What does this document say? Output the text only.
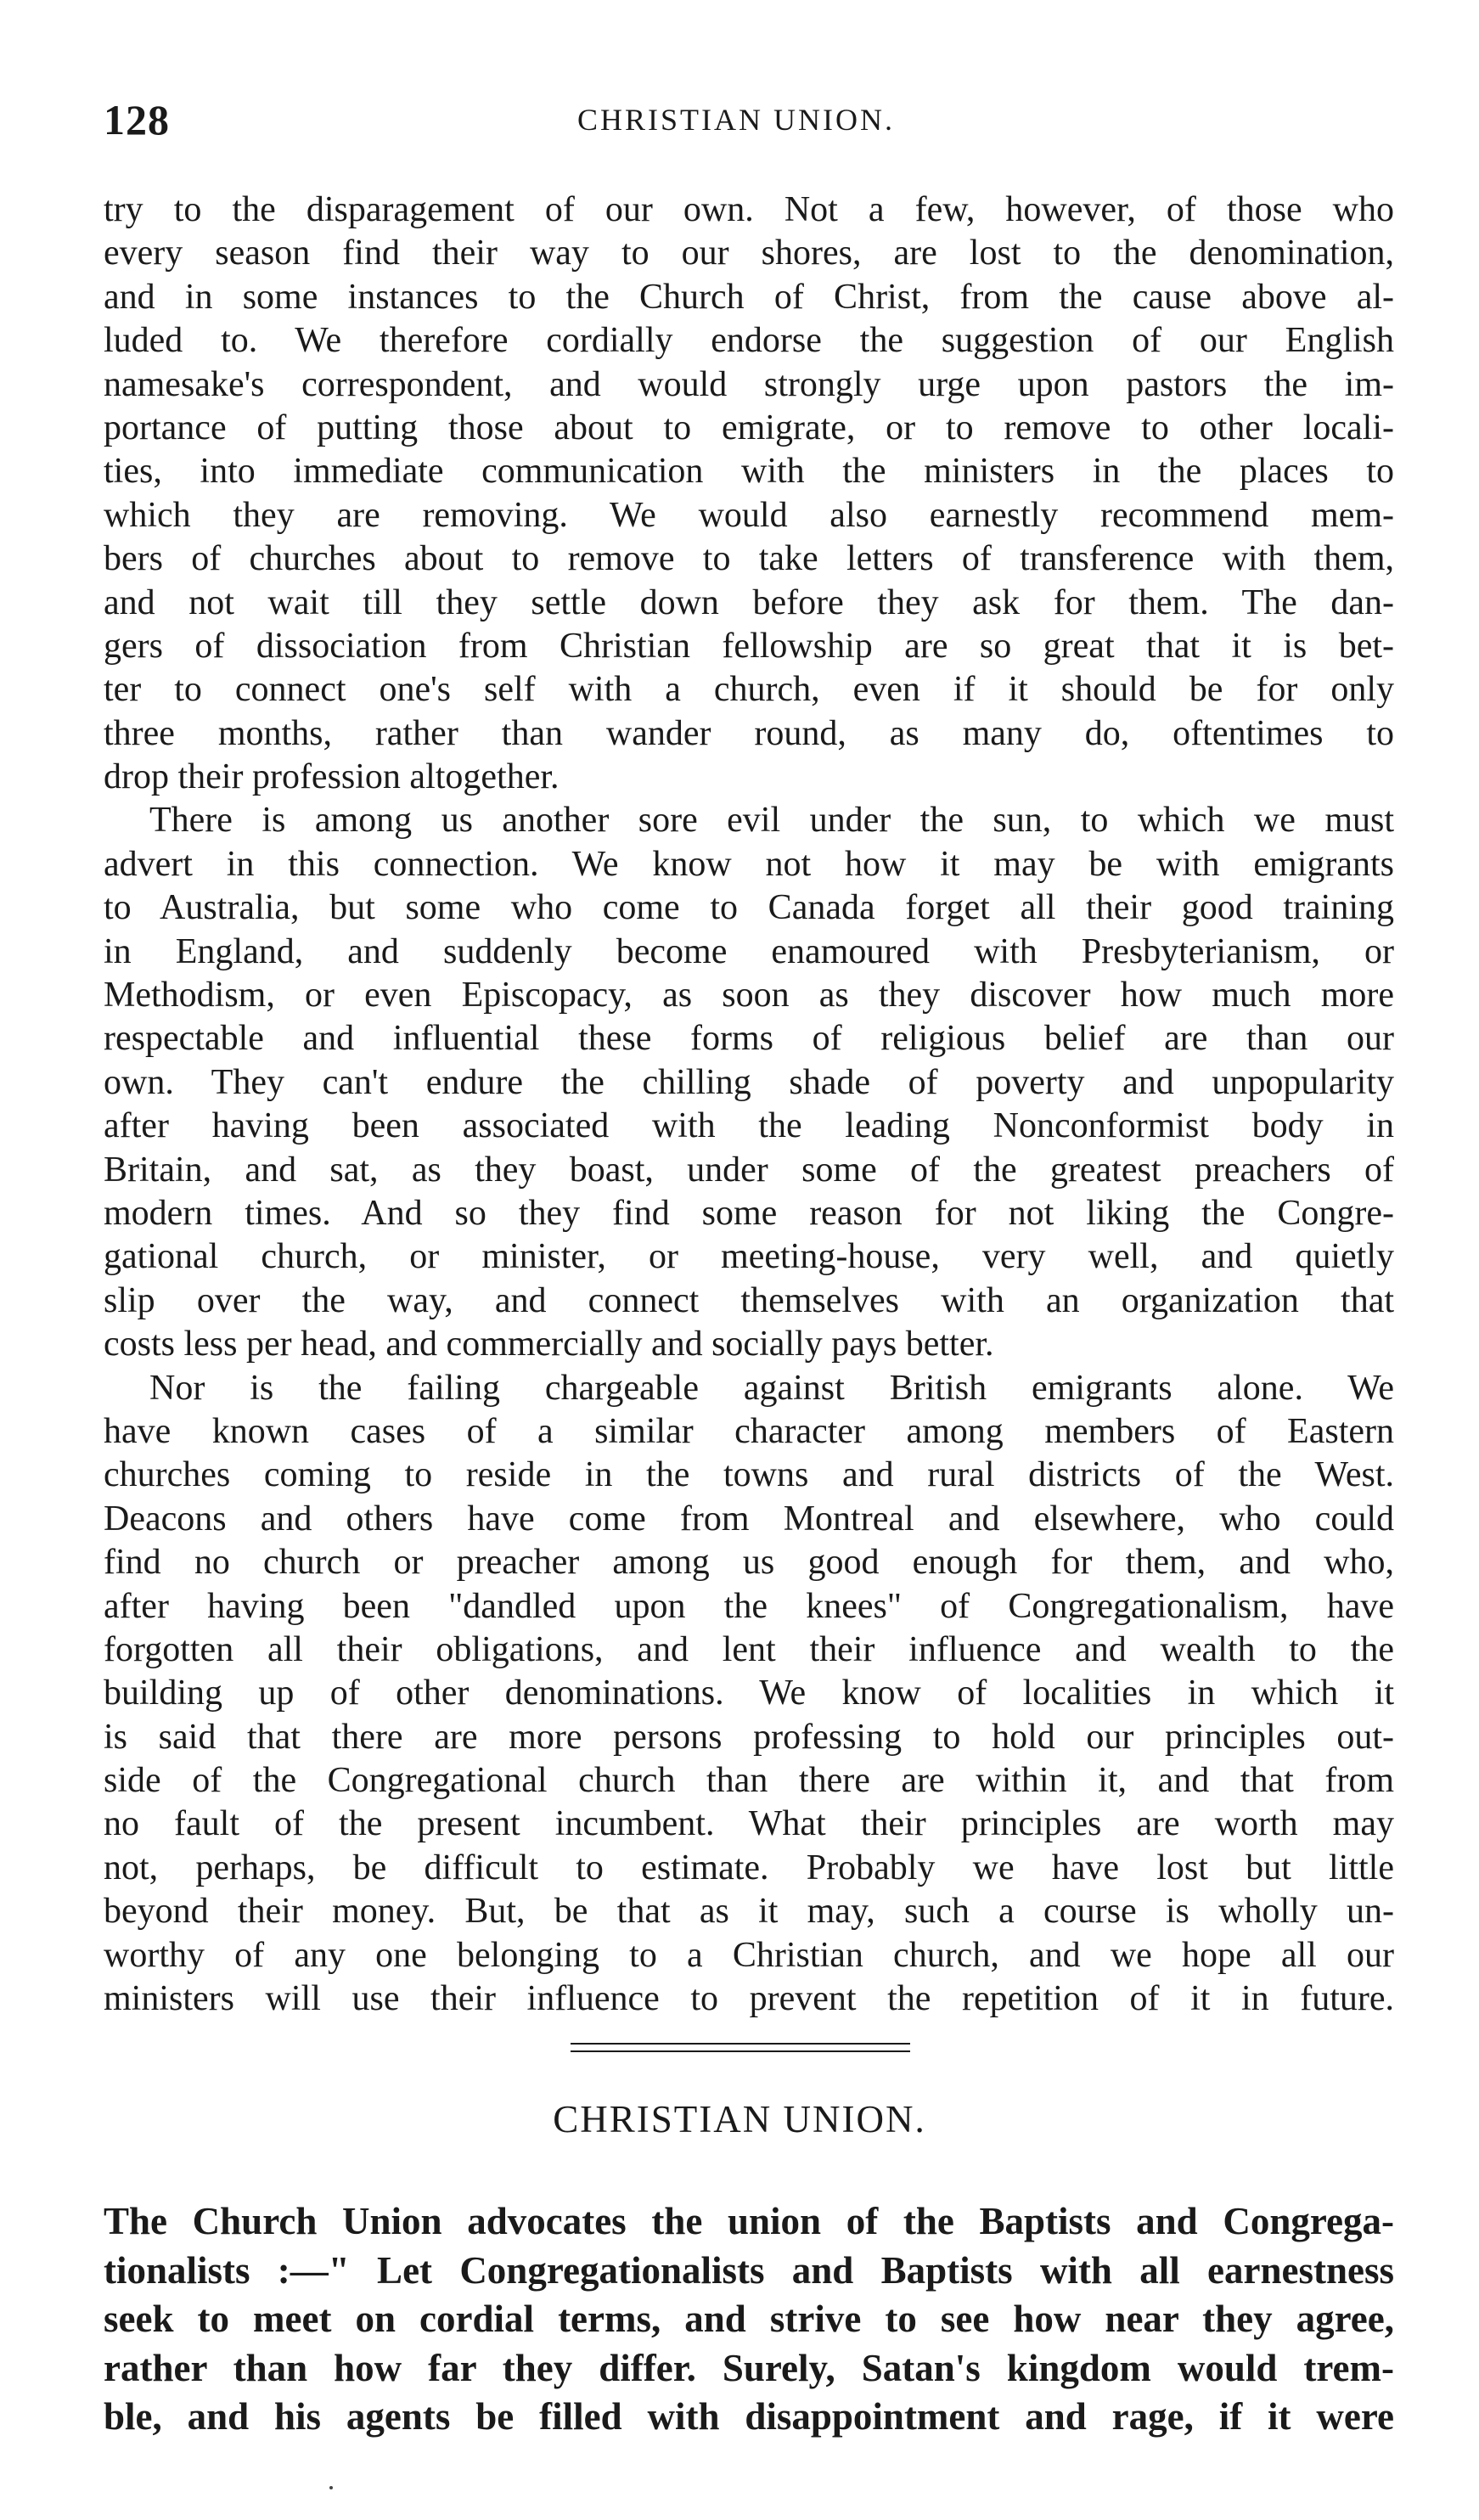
128	CHRISTIAN UNION.
try to the disparagement of our own. Not a few, however, of those who
every season find their way to our shores, are lost to the denomination,
and in some instances to the Church of Christ, from the cause above al-
luded to. We therefore cordially endorse the suggestion of our English
namesake's correspondent, and would strongly urge upon pastors the im-
portance of putting those about to emigrate, or to remove to other locali-
ties, into immediate communication with the ministers in the places to
which they are removing. We would also earnestly recommend mem-
bers of churches about to remove to take letters of transference with them,
and not wait till they settle down before they ask for them. The dan-
gers of dissociation from Christian fellowship are so great that it is bet-
ter to connect one's self with a church, even if it should be for only
three months, rather than wander round, as many do, oftentimes to
drop their profession altogether.
There is among us another sore evil under the sun, to which we must
advert in this connection. We know not how it may be with emigrants
to Australia, but some who come to Canada forget all their good training
in England, and suddenly become enamoured with Presbyterianism, or
Methodism, or even Episcopacy, as soon as they discover how much more
respectable and influential these forms of religious belief are than our
own. They can't endure the chilling shade of poverty and unpopularity
after having been associated with the leading Nonconformist body in
Britain, and sat, as they boast, under some of the greatest preachers of
modern times. And so they find some reason for not liking the Congre-
gational church, or minister, or meeting-house, very well, and quietly
slip over the way, and connect themselves with an organization that
costs less per head, and commercially and socially pays better.
Nor is the failing chargeable against British emigrants alone. We
have known cases of a similar character among members of Eastern
churches coming to reside in the towns and rural districts of the West.
Deacons and others have come from Montreal and elsewhere, who could
find no church or preacher among us good enough for them, and who,
after having been "dandled upon the knees" of Congregationalism, have
forgotten all their obligations, and lent their influence and wealth to the
building up of other denominations. We know of localities in which it
is said that there are more persons professing to hold our principles out-
side of the Congregational church than there are within it, and that from
no fault of the present incumbent. What their principles are worth may
not, perhaps, be difficult to estimate. Probably we have lost but little
beyond their money. But, be that as it may, such a course is wholly un-
worthy of any one belonging to a Christian church, and we hope all our
ministers will use their influence to prevent the repetition of it in future.
CHRISTIAN UNION.
The Church Union advocates the union of the Baptists and Congrega-
tionalists :—" Let Congregationalists and Baptists with all earnestness
seek to meet on cordial terms, and strive to see how near they agree,
rather than how far they differ. Surely, Satan's kingdom would trem-
ble, and his agents be filled with disappointment and rage, if it were
